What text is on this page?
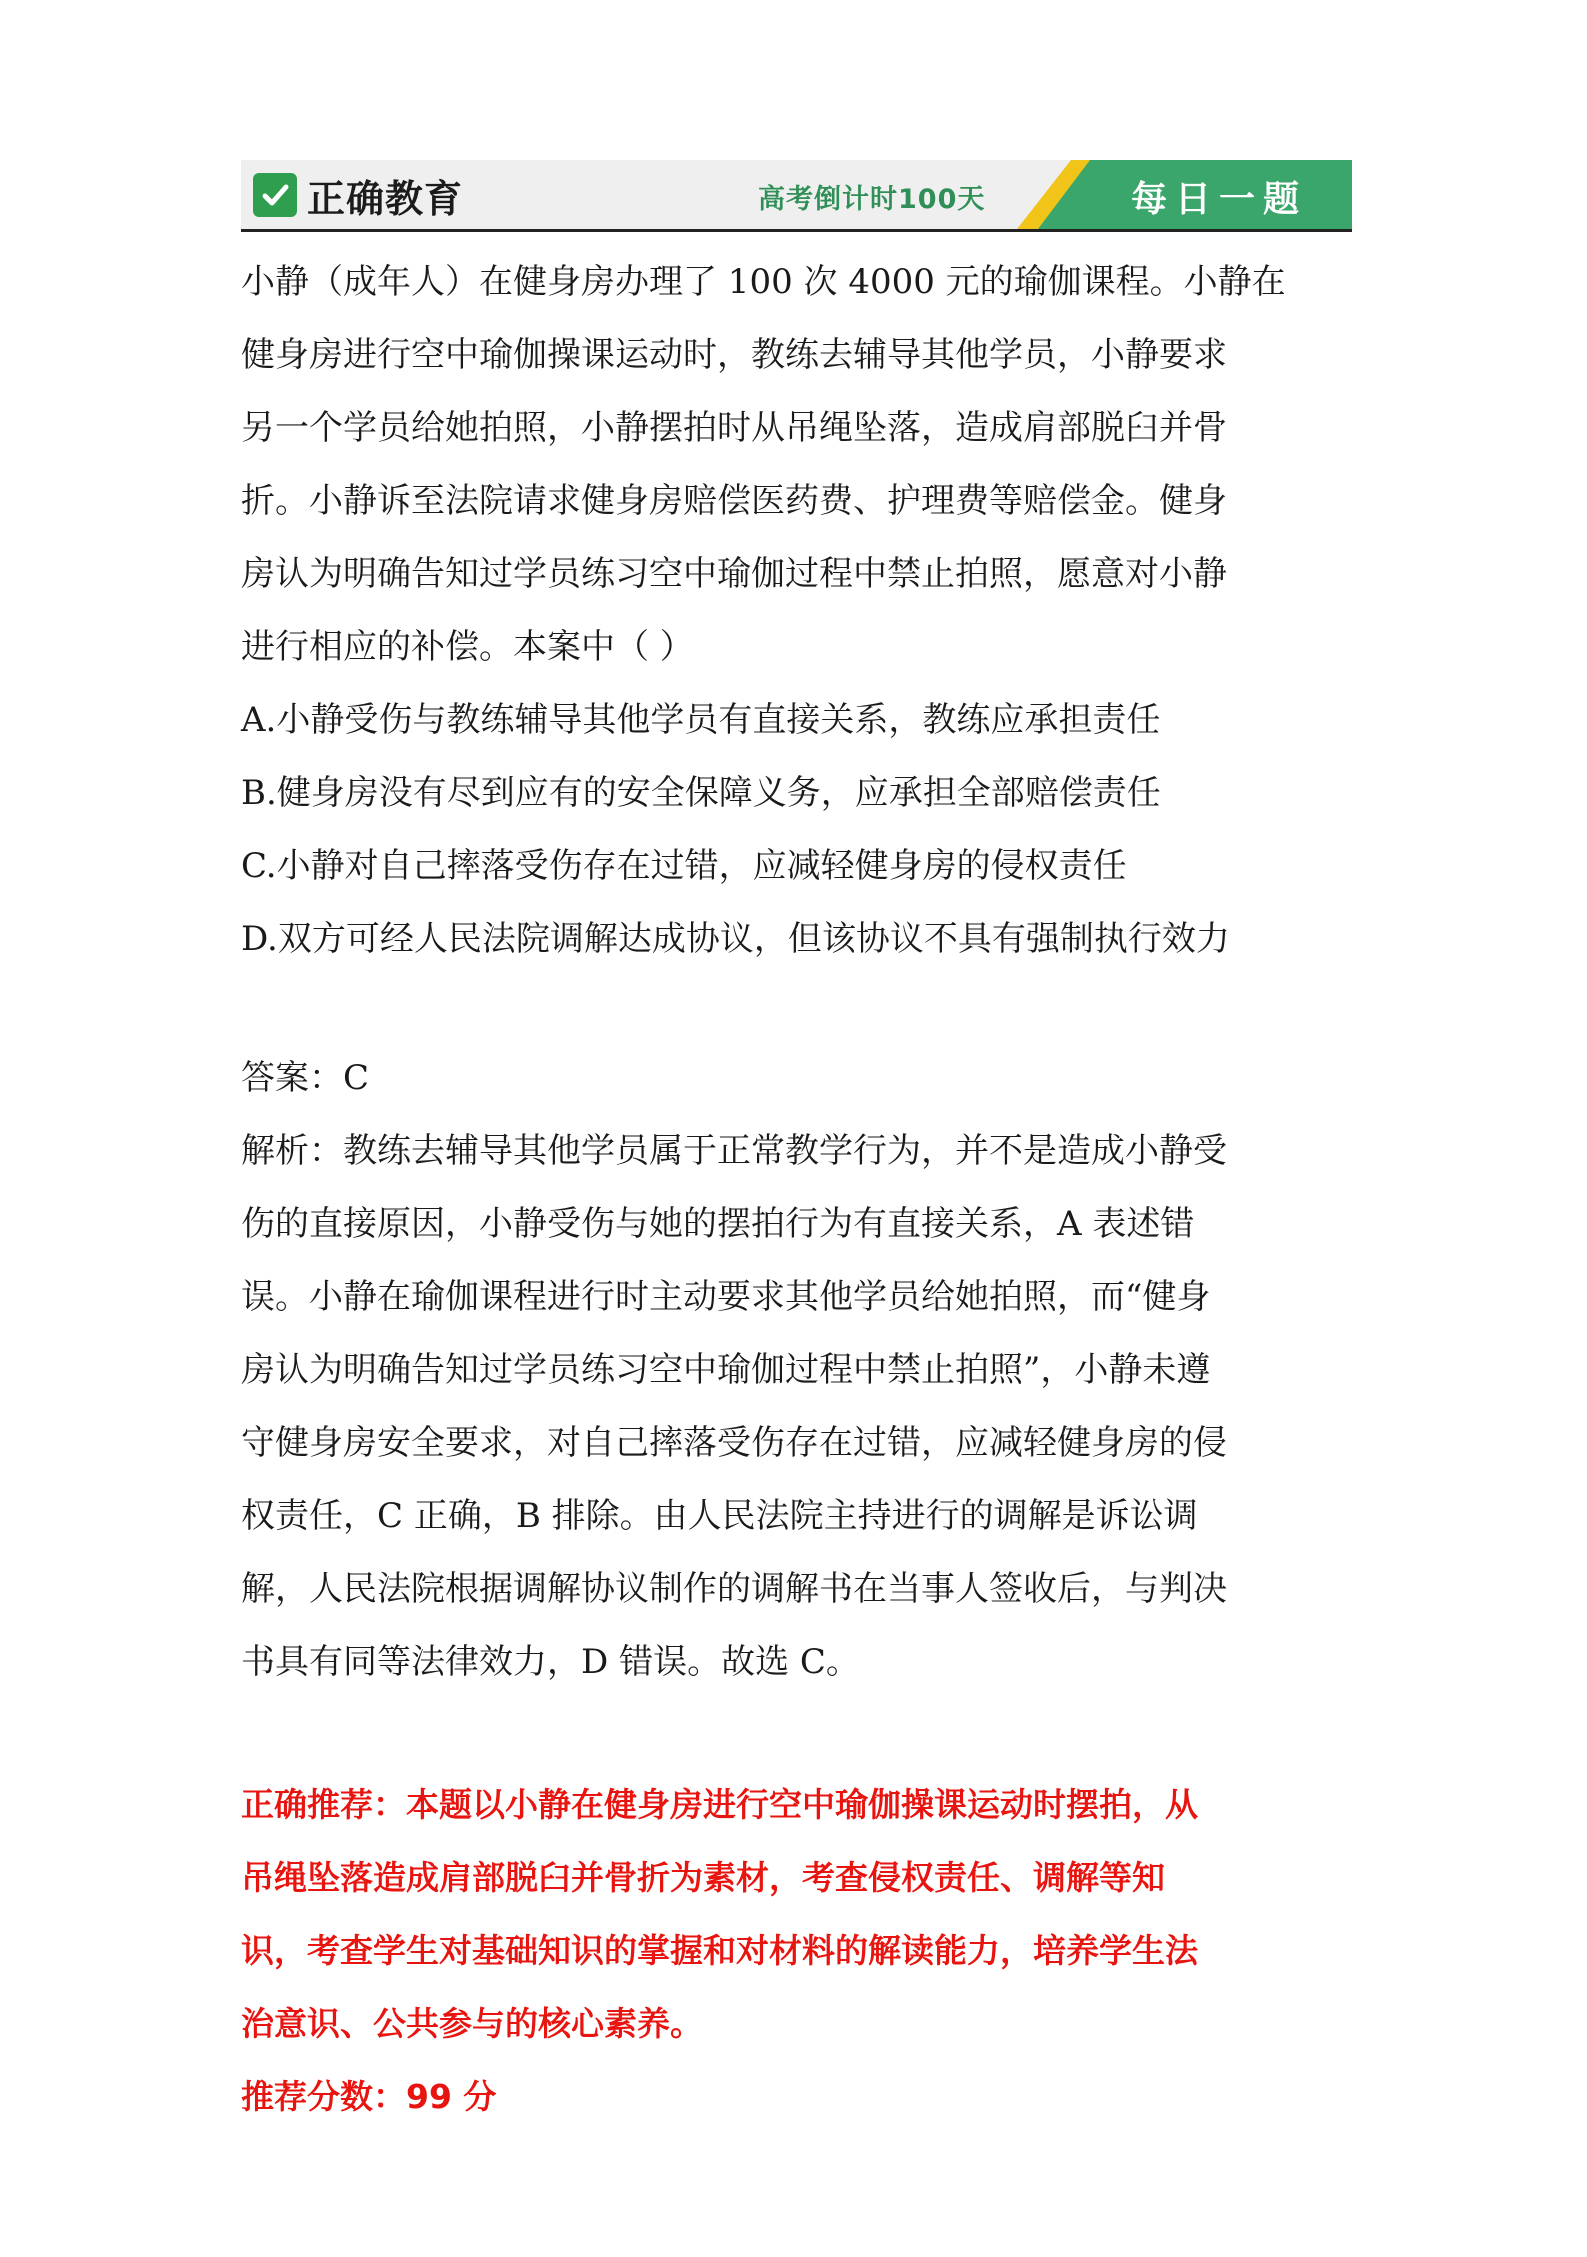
正确教育	高考倒计时100天	每日一题
小静（成年人）在健身房办理了 100 次 4000 元的瑜伽课程。小静在
健身房进行空中瑜伽操课运动时，教练去辅导其他学员，小静要求
另一个学员给她拍照，小静摆拍时从吊绳坠落，造成肩部脱臼并骨
折。小静诉至法院请求健身房赔偿医药费、护理费等赔偿金。健身
房认为明确告知过学员练习空中瑜伽过程中禁止拍照，愿意对小静
进行相应的补偿。本案中（ ）
A.小静受伤与教练辅导其他学员有直接关系，教练应承担责任
B.健身房没有尽到应有的安全保障义务，应承担全部赔偿责任
C.小静对自己摔落受伤存在过错，应减轻健身房的侵权责任
D.双方可经人民法院调解达成协议，但该协议不具有强制执行效力
答案：C
解析：教练去辅导其他学员属于正常教学行为，并不是造成小静受
伤的直接原因，小静受伤与她的摆拍行为有直接关系，A 表述错
误。小静在瑜伽课程进行时主动要求其他学员给她拍照，而“健身
房认为明确告知过学员练习空中瑜伽过程中禁止拍照”，小静未遵
守健身房安全要求，对自己摔落受伤存在过错，应减轻健身房的侵
权责任，C 正确，B 排除。由人民法院主持进行的调解是诉讼调
解，人民法院根据调解协议制作的调解书在当事人签收后，与判决
书具有同等法律效力，D 错误。故选 C。
正确推荐：本题以小静在健身房进行空中瑜伽操课运动时摆拍，从
吊绳坠落造成肩部脱臼并骨折为素材，考查侵权责任、调解等知
识，考查学生对基础知识的掌握和对材料的解读能力，培养学生法
治意识、公共参与的核心素养。
推荐分数：99 分
